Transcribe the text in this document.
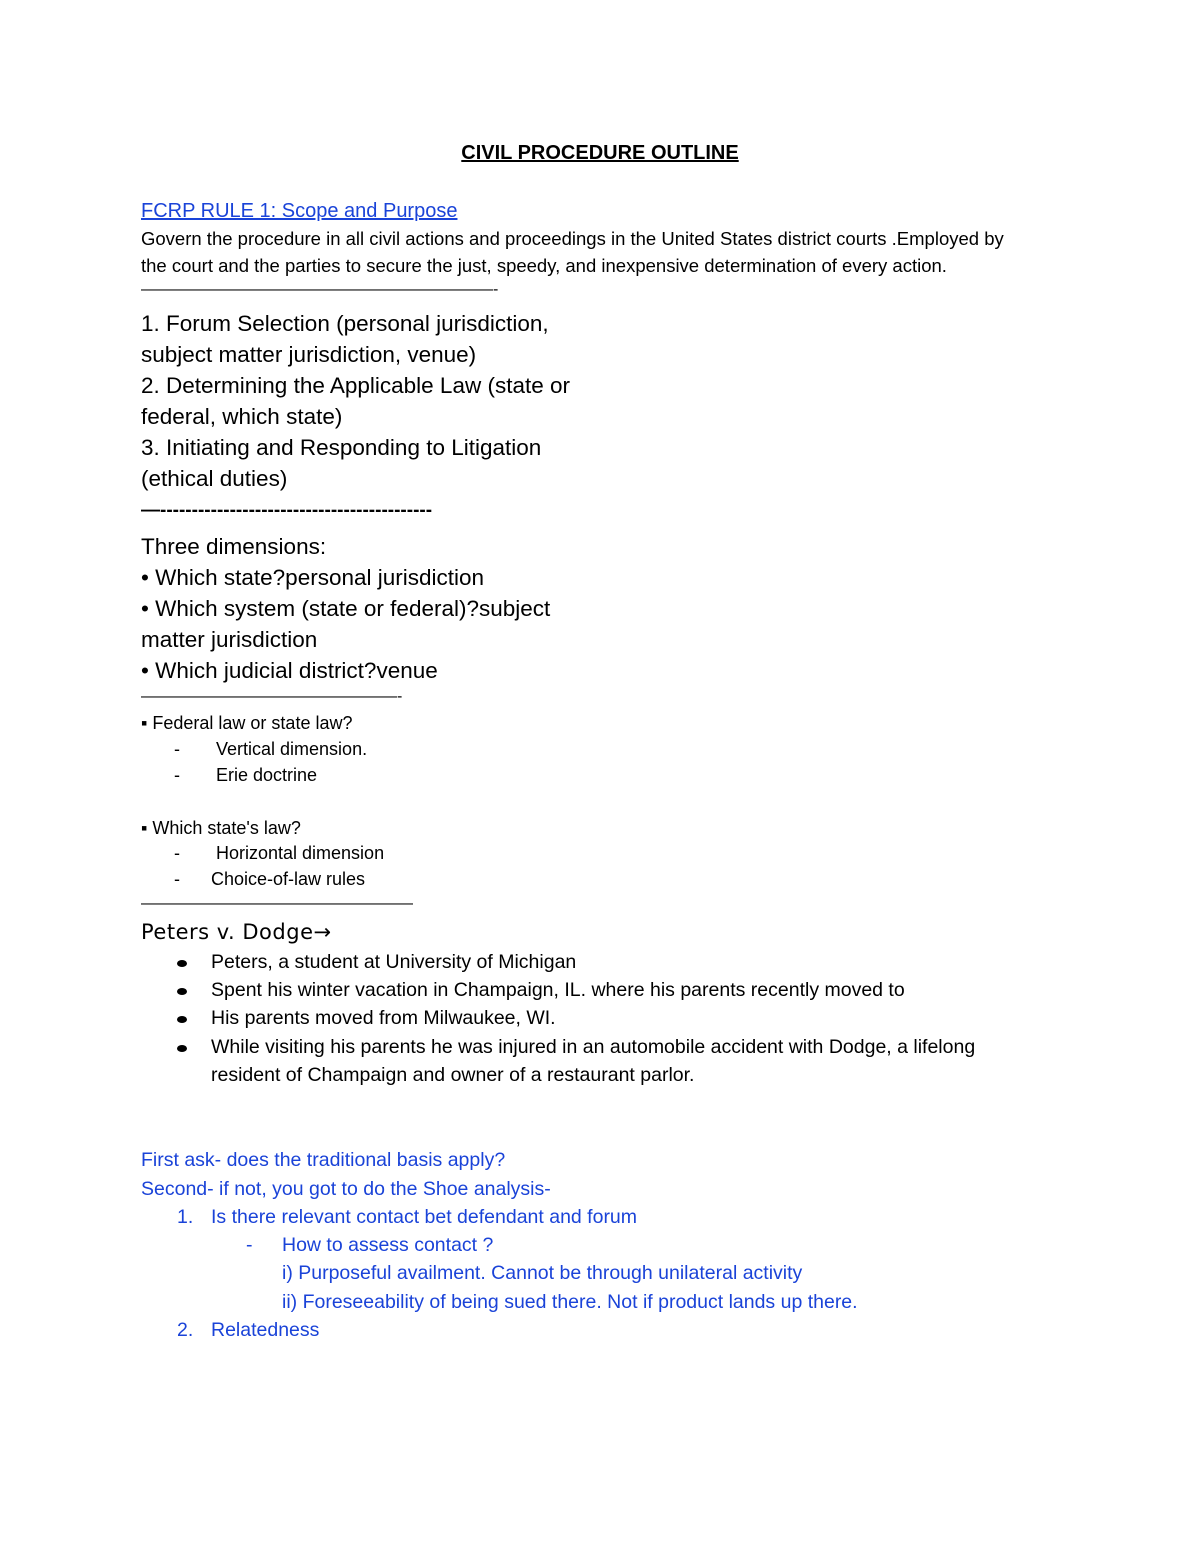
CIVIL PROCEDURE OUTLINE
FCRP RULE 1: Scope and Purpose
Govern the procedure in all civil actions and proceedings in the United States district courts .Employed by
the court and the parties to secure the just, speedy, and inexpensive determination of every action.
——————————————————————-
1. Forum Selection (personal jurisdiction,
subject matter jurisdiction, venue)
2. Determining the Applicable Law (state or
federal, which state)
3. Initiating and Responding to Litigation
(ethical duties)
—-------------------------------------------
Three dimensions:
• Which state?personal jurisdiction
• Which system (state or federal)?subject
matter jurisdiction
• Which judicial district?venue
————————————————-
▪ Federal law or state law?
- Vertical dimension.
- Erie doctrine
▪ Which state's law?
- Horizontal dimension
- Choice-of-law rules
—————————————————
Peters v. Dodge→
Peters, a student at University of Michigan
Spent his winter vacation in Champaign, IL. where his parents recently moved to
His parents moved from Milwaukee, WI.
While visiting his parents he was injured in an automobile accident with Dodge, a lifelong
resident of Champaign and owner of a restaurant parlor.
First ask- does the traditional basis apply?
Second- if not, you got to do the Shoe analysis-
1. Is there relevant contact bet defendant and forum
- How to assess contact ?
i) Purposeful availment. Cannot be through unilateral activity
ii) Foreseeability of being sued there. Not if product lands up there.
2. Relatedness
